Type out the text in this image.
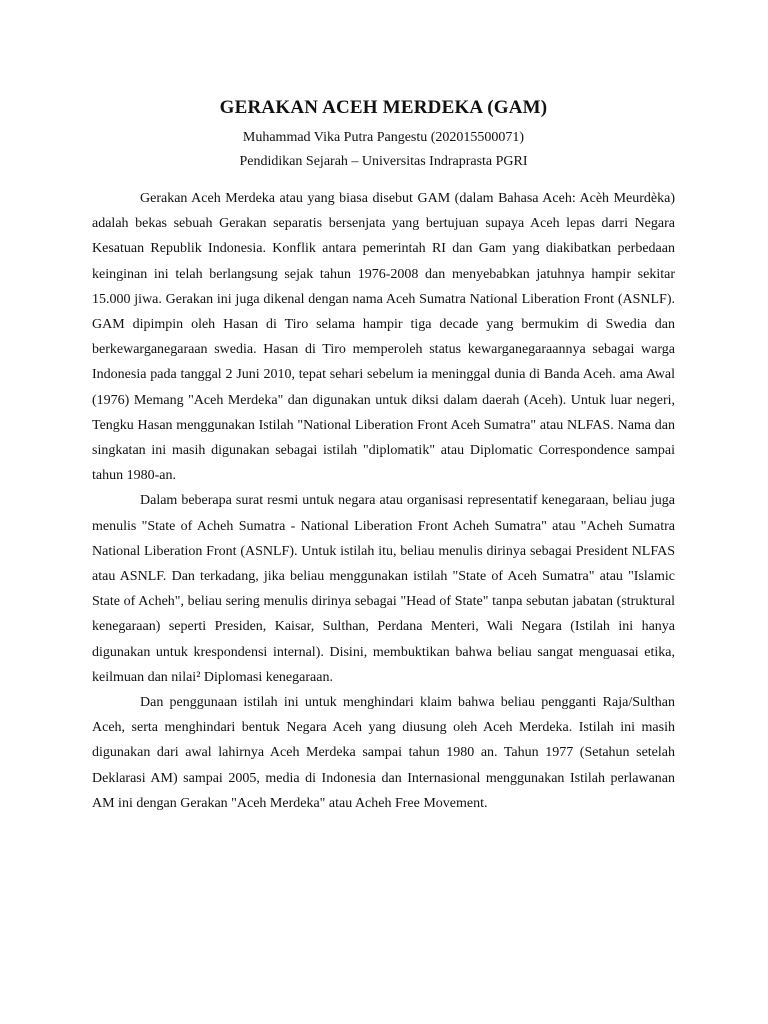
GERAKAN ACEH MERDEKA (GAM)

Muhammad Vika Putra Pangestu (202015500071)

Pendidikan Sejarah – Universitas Indraprasta PGRI

Gerakan Aceh Merdeka atau yang biasa disebut GAM (dalam Bahasa Aceh: Acèh Meurdèka) adalah bekas sebuah Gerakan separatis bersenjata yang bertujuan supaya Aceh lepas darri Negara Kesatuan Republik Indonesia. Konflik antara pemerintah RI dan Gam yang diakibatkan perbedaan keinginan ini telah berlangsung sejak tahun 1976-2008 dan menyebabkan jatuhnya hampir sekitar 15.000 jiwa. Gerakan ini juga dikenal dengan nama Aceh Sumatra National Liberation Front (ASNLF). GAM dipimpin oleh Hasan di Tiro selama hampir tiga decade yang bermukim di Swedia dan berkewarganegaraan swedia. Hasan di Tiro memperoleh status kewarganegaraannya sebagai warga Indonesia pada tanggal 2 Juni 2010, tepat sehari sebelum ia meninggal dunia di Banda Aceh. ama Awal (1976) Memang "Aceh Merdeka" dan digunakan untuk diksi dalam daerah (Aceh). Untuk luar negeri, Tengku Hasan menggunakan Istilah "National Liberation Front Aceh Sumatra" atau NLFAS. Nama dan singkatan ini masih digunakan sebagai istilah "diplomatik" atau Diplomatic Correspondence sampai tahun 1980-an.

Dalam beberapa surat resmi untuk negara atau organisasi representatif kenegaraan, beliau juga menulis "State of Acheh Sumatra - National Liberation Front Acheh Sumatra" atau "Acheh Sumatra National Liberation Front (ASNLF). Untuk istilah itu, beliau menulis dirinya sebagai President NLFAS atau ASNLF. Dan terkadang, jika beliau menggunakan istilah "State of Aceh Sumatra" atau "Islamic State of Acheh", beliau sering menulis dirinya sebagai "Head of State" tanpa sebutan jabatan (struktural kenegaraan) seperti Presiden, Kaisar, Sulthan, Perdana Menteri, Wali Negara (Istilah ini hanya digunakan untuk krespondensi internal). Disini, membuktikan bahwa beliau sangat menguasai etika, keilmuan dan nilai² Diplomasi kenegaraan.

Dan penggunaan istilah ini untuk menghindari klaim bahwa beliau pengganti Raja/Sulthan Aceh, serta menghindari bentuk Negara Aceh yang diusung oleh Aceh Merdeka. Istilah ini masih digunakan dari awal lahirnya Aceh Merdeka sampai tahun 1980 an. Tahun 1977 (Setahun setelah Deklarasi AM) sampai 2005, media di Indonesia dan Internasional menggunakan Istilah perlawanan AM ini dengan Gerakan "Aceh Merdeka" atau Acheh Free Movement.
